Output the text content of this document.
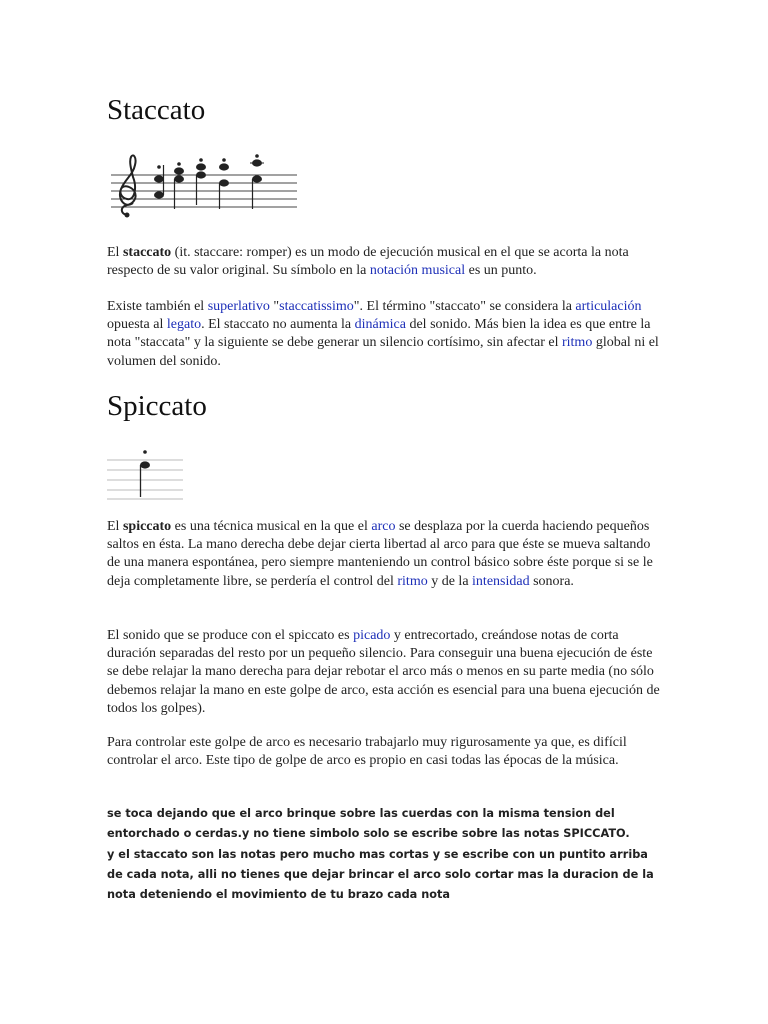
Staccato

El staccato (it. staccare: romper) es un modo de ejecución musical en el que se acorta la nota respecto de su valor original. Su símbolo en la notación musical es un punto.

Existe también el superlativo "staccatissimo". El término "staccato" se considera la articulación opuesta al legato. El staccato no aumenta la dinámica del sonido. Más bien la idea es que entre la nota "staccata" y la siguiente se debe generar un silencio cortísimo, sin afectar el ritmo global ni el volumen del sonido.

Spiccato

El spiccato es una técnica musical en la que el arco se desplaza por la cuerda haciendo pequeños saltos en ésta. La mano derecha debe dejar cierta libertad al arco para que éste se mueva saltando de una manera espontánea, pero siempre manteniendo un control básico sobre éste porque si se le deja completamente libre, se perdería el control del ritmo y de la intensidad sonora.

El sonido que se produce con el spiccato es picado y entrecortado, creándose notas de corta duración separadas del resto por un pequeño silencio. Para conseguir una buena ejecución de éste se debe relajar la mano derecha para dejar rebotar el arco más o menos en su parte media (no sólo debemos relajar la mano en este golpe de arco, esta acción es esencial para una buena ejecución de todos los golpes).

Para controlar este golpe de arco es necesario trabajarlo muy rigurosamente ya que, es difícil controlar el arco. Este tipo de golpe de arco es propio en casi todas las épocas de la música.

se toca dejando que el arco brinque sobre las cuerdas con la misma tension del entorchado o cerdas.y no tiene simbolo solo se escribe sobre las notas SPICCATO.

y el staccato son las notas pero mucho mas cortas y se escribe con un puntito arriba de cada nota, alli no tienes que dejar brincar el arco solo cortar mas la duracion de la nota deteniendo el movimiento de tu brazo cada nota
